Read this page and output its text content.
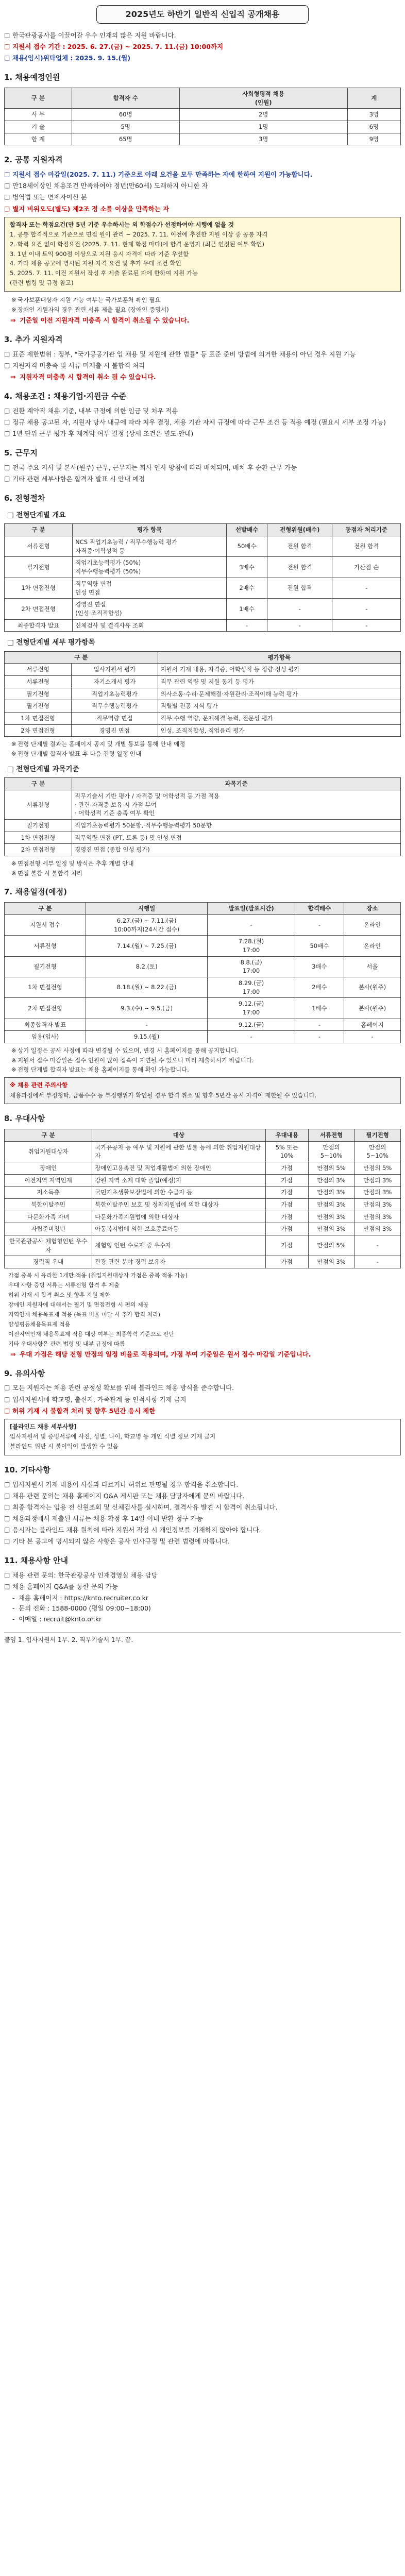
2025년도 하반기 일반직 신입직 공개채용
□ 한국관광공사를 이끌어갈 우수 인재의 많은 지원 바랍니다.
□ 지원서 접수 기간 : 2025. 6. 27.(금) ~ 2025. 7. 11.(금) 10:00까지
□ 채용(임시)위탁업체 : 2025. 9. 15.(월)
1. 채용예정인원
구 분	합격자 수	사회형평적 채용
(인원)	계
사 무	60명	2명	3명
기 술	5명	1명	6명
합 계	65명	3명	9명
2. 공통 지원자격
□ 지원서 접수 마감일(2025. 7. 11.) 기준으로 아래 요건을 모두 만족하는 자에 한하여 지원이 가능합니다.
□ 만18세이상인 채용조건 만족하여야 정년(만60세) 도래하지 아니한 자
□ 병역법 또는 면제자이신 분
□ 별지 비위오도(별도) 제2조 정 소를 이상을 만족하는 자
합격자 또는 학점요건(만 5년 기준 우수하시는 외 학점수가 선정하여야 시행에 없을 것

1. 공통 합격적으로 기준으로 면접 원이 관리 ~ 2025. 7. 11. 이전에 추진한 지원 이상 중 공통 자격

2. 학력 요건 없이 학점요건 (2025. 7. 11. 현재 학점 마다)에 합격 운영자 (최근 인정된 여부 확인)

3. 1년 이내 토익 900점 이상으로 지원 응시 자격에 따라 기준 우선함

4. 기타 채용 공고에 명시된 지원 자격 요건 및 추가 우대 조건 확인

5. 2025. 7. 11. 이전 지원서 작성 후 제출 완료된 자에 한하여 지원 가능

(관련 법령 및 규정 참고)

※ 국가보훈대상자 지원 가능 여부는 국가보훈처 확인 필요
※ 장애인 지원자의 경우 관련 서류 제출 필요 (장애인 증명서)
⇒ 기준일 이전 지원자격 미충족 시 합격이 취소될 수 있습니다.
3. 추가 지원자격
□ 표준 제한범위 : 정부, "국가공공기관 입 채용 및 지원에 관한 법률" 등 표준 준비 방법에 의거한 채용이 아닌 경우 지원 가능
□ 지원자격 미충족 및 서류 미제출 시 불합격 처리
⇒ 지원자격 미충족 시 합격이 취소 될 수 있습니다.
4. 채용조건 : 채용기업·지원금 수준
□ 전환 계약직 채용 기준, 내부 규정에 의한 임금 및 처우 적용
□ 정규 채용 공고된 자, 지원자 당사 내규에 따라 처우 결정, 채용 기관 자체 규정에 따라 근무 조건 등 적용 예정 (필요시 세부 조정 가능)
□ 1년 단위 근무 평가 후 재계약 여부 결정 (상세 조건은 별도 안내)
5. 근무지
□ 전국 주요 지사 및 본사(원주) 근무, 근무지는 회사 인사 방침에 따라 배치되며, 배치 후 순환 근무 가능
□ 기타 관련 세부사항은 합격자 발표 시 안내 예정
6. 전형절차
□ 전형단계별 개요
구 분	평가 항목	선발배수	전형위원(배수)	동점자 처리기준
서류전형	NCS 직업기초능력 / 직무수행능력 평가
자격증·어학성적 등	50배수	전원 합격	전원 합격
필기전형	직업기초능력평가 (50%)
직무수행능력평가 (50%)	3배수	전원 합격	가산점 순
1차 면접전형	직무역량 면접
인성 면접	2배수	전원 합격	-
2차 면접전형	경영진 면접
(인성·조직적합성)	1배수	-	-
최종합격자 발표	신체검사 및 결격사유 조회	-	-	-
□ 전형단계별 세부 평가항목
구 분		평가항목
서류전형	입사지원서 평가	지원서 기재 내용, 자격증, 어학성적 등 정량·정성 평가
서류전형	자기소개서 평가	직무 관련 역량 및 지원 동기 등 평가
필기전형	직업기초능력평가	의사소통·수리·문제해결·자원관리·조직이해 능력 평가
필기전형	직무수행능력평가	직렬별 전공 지식 평가
1차 면접전형	직무역량 면접	직무 수행 역량, 문제해결 능력, 전문성 평가
2차 면접전형	경영진 면접	인성, 조직적합성, 직업윤리 평가
※ 전형 단계별 결과는 홈페이지 공지 및 개별 통보를 통해 안내 예정
※ 전형 단계별 합격자 발표 후 다음 전형 일정 안내
□ 전형단계별 과목기준
구 분	과목기준
서류전형	직무기술서 기반 평가 / 자격증 및 어학성적 등 가점 적용
· 관련 자격증 보유 시 가점 부여
· 어학성적 기준 충족 여부 확인
필기전형	직업기초능력평가 50문항, 직무수행능력평가 50문항
1차 면접전형	직무역량 면접 (PT, 토론 등) 및 인성 면접
2차 면접전형	경영진 면접 (종합 인성 평가)
※ 면접전형 세부 일정 및 방식은 추후 개별 안내
※ 면접 불참 시 불합격 처리
7. 채용일정(예정)
구 분	시행일	발표일(발표시간)	합격배수	장소
지원서 접수	6.27.(금) ~ 7.11.(금)
10:00까지(24시간 접수)	-	-	온라인
서류전형	7.14.(월) ~ 7.25.(금)	7.28.(월)
17:00	50배수	온라인
필기전형	8.2.(토)	8.8.(금)
17:00	3배수	서울
1차 면접전형	8.18.(월) ~ 8.22.(금)	8.29.(금)
17:00	2배수	본사(원주)
2차 면접전형	9.3.(수) ~ 9.5.(금)	9.12.(금)
17:00	1배수	본사(원주)
최종합격자 발표	-	9.12.(금)	-	홈페이지
임용(입사)	9.15.(월)	-	-	-
※ 상기 일정은 공사 사정에 따라 변경될 수 있으며, 변경 시 홈페이지를 통해 공지합니다.
※ 지원서 접수 마감일은 접수 인원이 많아 접속이 지연될 수 있으니 미리 제출하시기 바랍니다.
※ 전형 단계별 합격자 발표는 채용 홈페이지를 통해 확인 가능합니다.
※ 채용 관련 주의사항

채용과정에서 부정청탁, 금품수수 등 부정행위가 확인될 경우 합격 취소 및 향후 5년간 응시 자격이 제한될 수 있습니다.

8. 우대사항
구 분	대상	우대내용	서류전형	필기전형
취업지원대상자	국가유공자 등 예우 및 지원에 관한 법률 등에 의한 취업지원대상자	5% 또는 10%	만점의 5~10%	만점의 5~10%
장애인	장애인고용촉진 및 직업재활법에 의한 장애인	가점	만점의 5%	만점의 5%
이전지역 지역인재	강원 지역 소재 대학 졸업(예정)자	가점	만점의 3%	만점의 3%
저소득층	국민기초생활보장법에 의한 수급자 등	가점	만점의 3%	만점의 3%
북한이탈주민	북한이탈주민 보호 및 정착지원법에 의한 대상자	가점	만점의 3%	만점의 3%
다문화가족 자녀	다문화가족지원법에 의한 대상자	가점	만점의 3%	만점의 3%
자립준비청년	아동복지법에 의한 보호종료아동	가점	만점의 3%	만점의 3%
한국관광공사 체험형인턴 우수자	체험형 인턴 수료자 중 우수자	가점	만점의 5%	-
경력직 우대	관광 관련 분야 경력 보유자	가점	만점의 3%	-

가점 중복 시 유리한 1개만 적용 (취업지원대상자 가점은 중복 적용 가능)

우대 사항 증빙 서류는 서류전형 합격 후 제출

허위 기재 시 합격 취소 및 향후 지원 제한

장애인 지원자에 대해서는 필기 및 면접전형 시 편의 제공

지역인재 채용목표제 적용 (목표 비율 미달 시 추가 합격 처리)

양성평등채용목표제 적용

이전지역인재 채용목표제 적용 대상 여부는 최종학력 기준으로 판단

기타 우대사항은 관련 법령 및 내부 규정에 따름

⇒ 우대 가점은 해당 전형 만점의 일정 비율로 적용되며, 가점 부여 기준일은 원서 접수 마감일 기준입니다.
9. 유의사항
□ 모든 지원자는 채용 관련 공정성 확보를 위해 블라인드 채용 방식을 준수합니다.
□ 입사지원서에 학교명, 출신지, 가족관계 등 인적사항 기재 금지
□ 허위 기재 시 불합격 처리 및 향후 5년간 응시 제한
[블라인드 채용 세부사항]

입사지원서 및 증빙서류에 사진, 성별, 나이, 학교명 등 개인 식별 정보 기재 금지

블라인드 위반 시 불이익이 발생할 수 있음

10. 기타사항
□ 입사지원서 기재 내용이 사실과 다르거나 허위로 판명될 경우 합격을 취소합니다.
□ 채용 관련 문의는 채용 홈페이지 Q&A 게시판 또는 채용 담당자에게 문의 바랍니다.
□ 최종 합격자는 임용 전 신원조회 및 신체검사를 실시하며, 결격사유 발견 시 합격이 취소됩니다.
□ 채용과정에서 제출된 서류는 채용 확정 후 14일 이내 반환 청구 가능
□ 응시자는 블라인드 채용 원칙에 따라 지원서 작성 시 개인정보를 기재하지 않아야 합니다.
□ 기타 본 공고에 명시되지 않은 사항은 공사 인사규정 및 관련 법령에 따릅니다.
11. 채용사항 안내
□ 채용 관련 문의: 한국관광공사 인재경영실 채용 담당
□ 채용 홈페이지 Q&A를 통한 문의 가능
- 채용 홈페이지 : https://knto.recruiter.co.kr
- 문의 전화 : 1588-0000 (평일 09:00~18:00)
- 이메일 : recruit@knto.or.kr
붙임 1. 입사지원서 1부. 2. 직무기술서 1부. 끝.
